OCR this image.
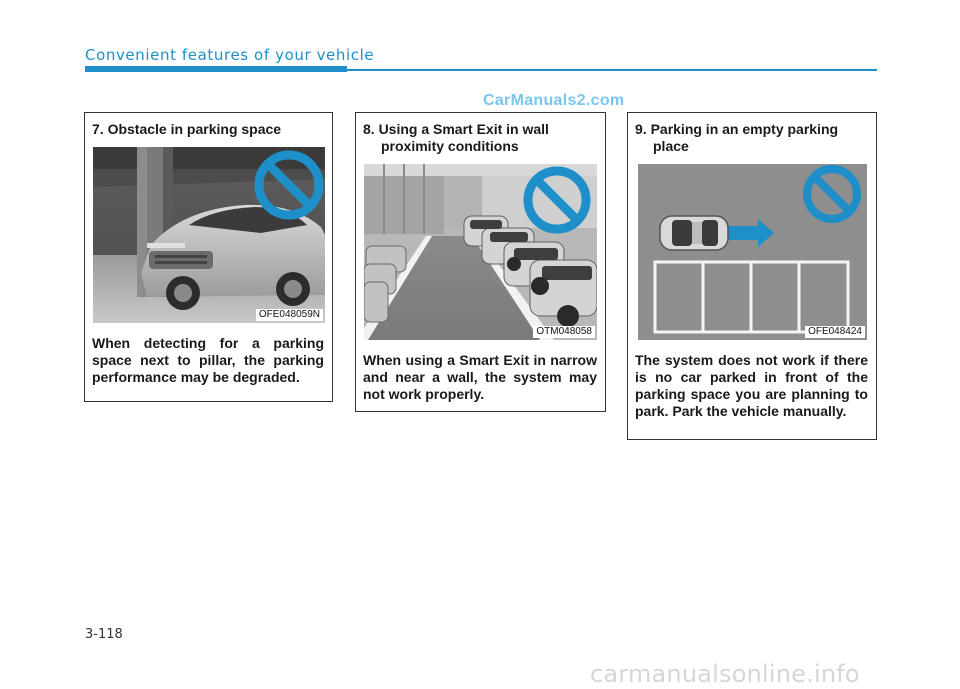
Convenient features of your vehicle
CarManuals2.com
7. Obstacle in parking space
OFE048059N
When detecting for a parking space next to pillar, the parking performance may be degraded.
8. Using a Smart Exit in wall proximity conditions
OTM048058
When using a Smart Exit in narrow and near a wall, the system may not work properly.
9. Parking in an empty parking place
OFE048424
The system does not work if there is no car parked in front of the parking space you are planning to park. Park the vehicle manually.
3-118
carmanualsonline.info
